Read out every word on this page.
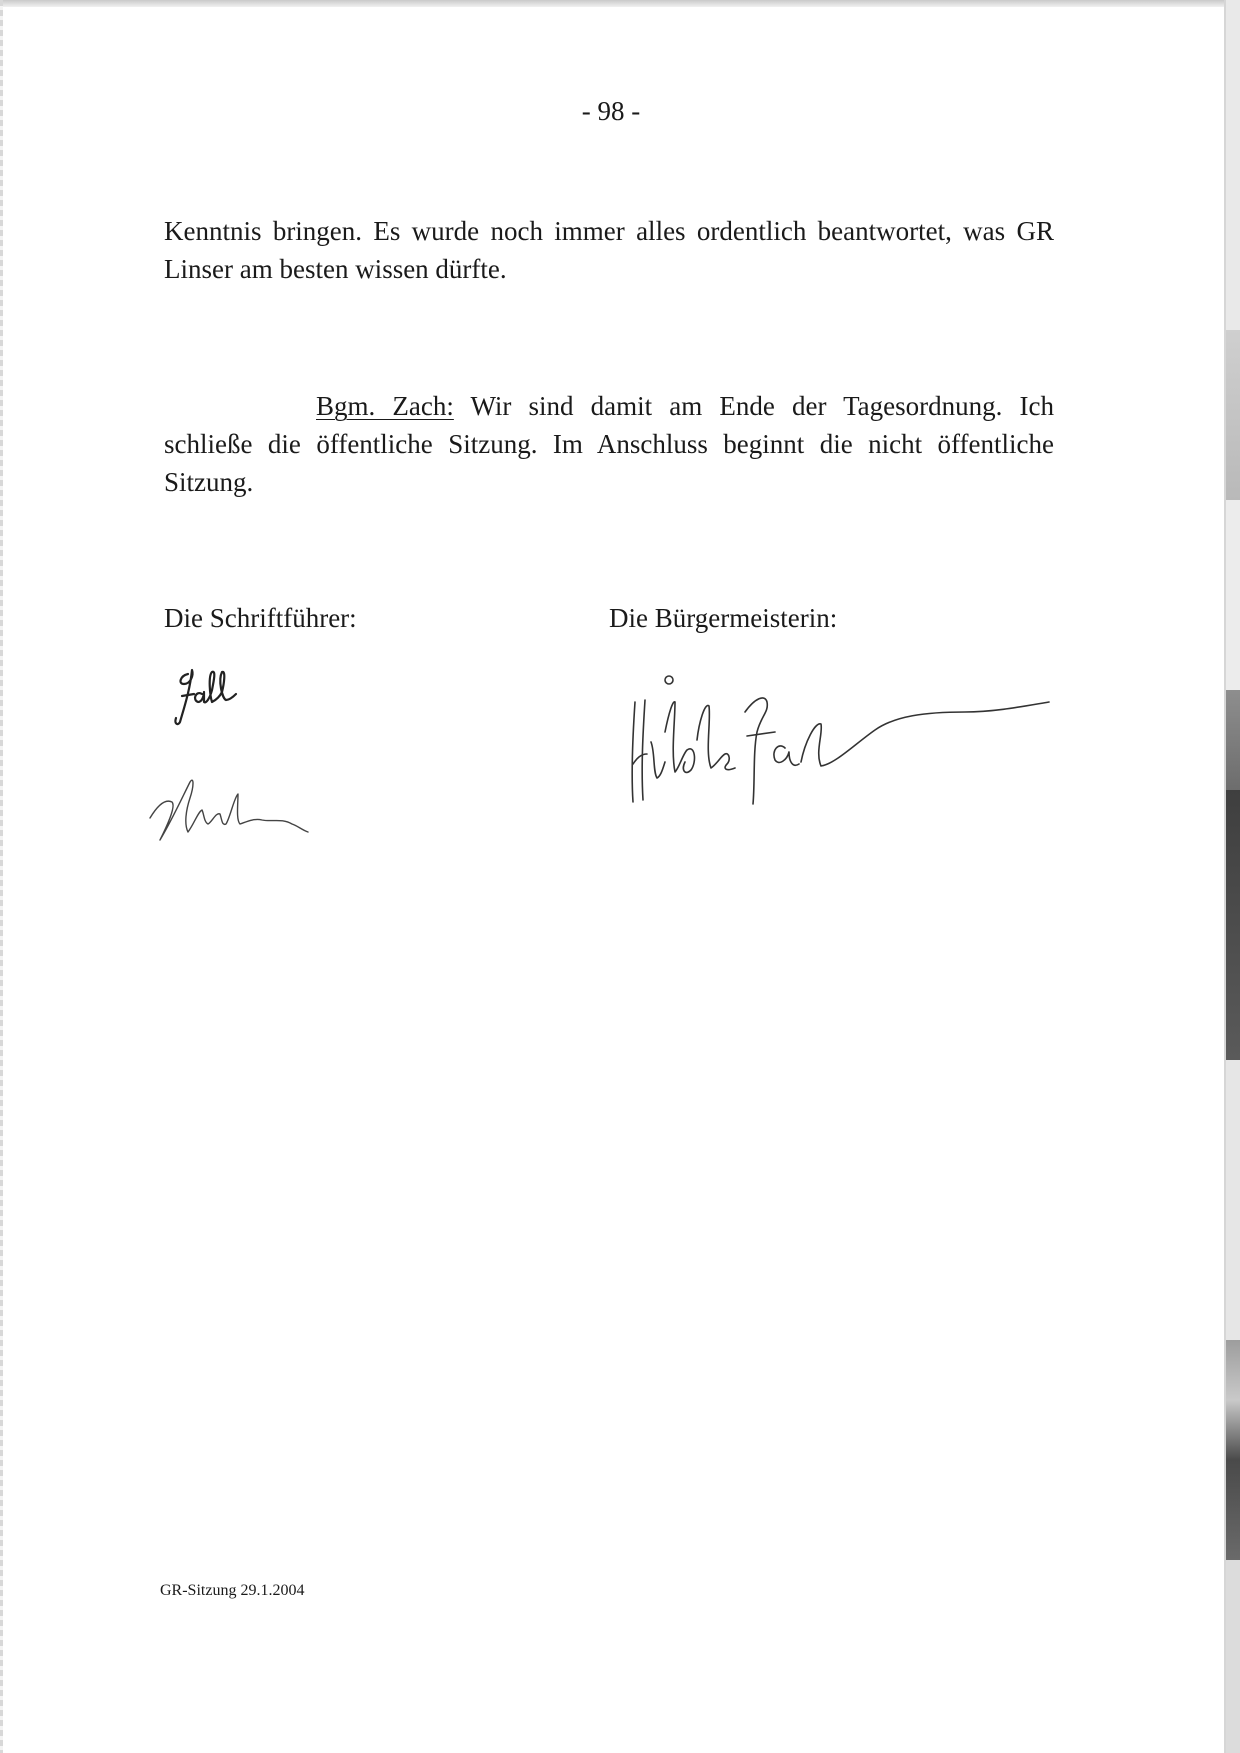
- 98 -

Kenntnis bringen. Es wurde noch immer alles ordentlich beantwortet, was GR Linser am besten wissen dürfte.

Bgm. Zach: Wir sind damit am Ende der Tagesordnung. Ich schließe die öffentliche Sitzung. Im Anschluss beginnt die nicht öffentliche Sitzung.

Die Schriftführer:	Die Bürgermeisterin:
GR-Sitzung 29.1.2004
